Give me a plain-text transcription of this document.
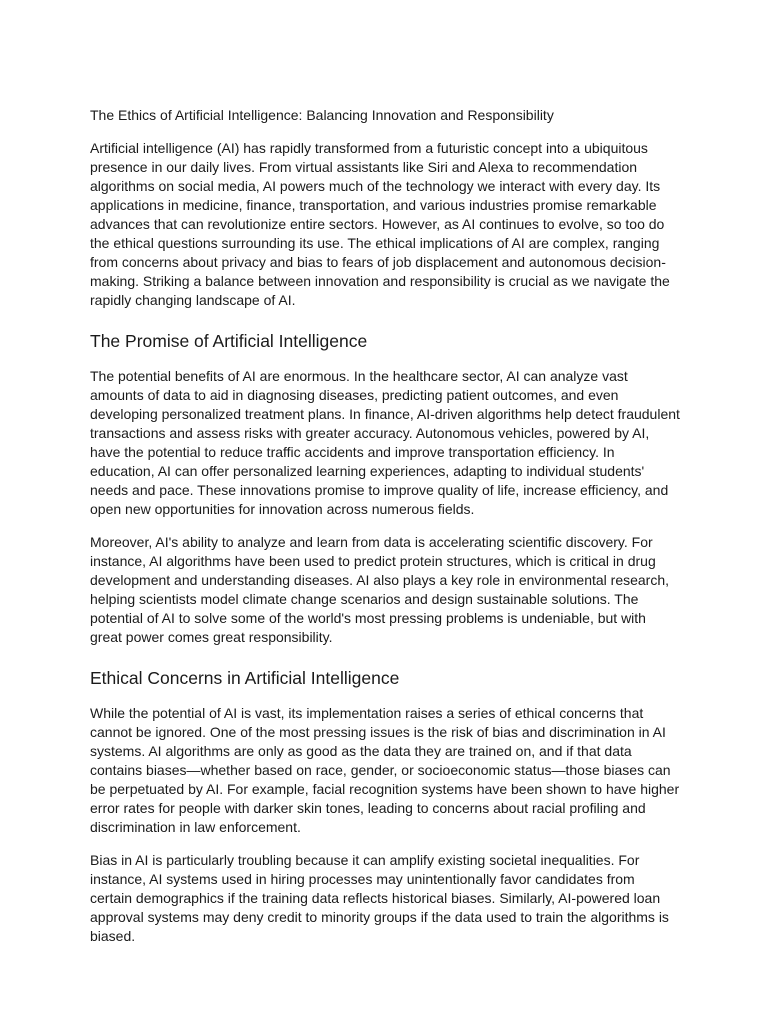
The Ethics of Artificial Intelligence: Balancing Innovation and Responsibility

Artificial intelligence (AI) has rapidly transformed from a futuristic concept into a ubiquitous presence in our daily lives. From virtual assistants like Siri and Alexa to recommendation algorithms on social media, AI powers much of the technology we interact with every day. Its applications in medicine, finance, transportation, and various industries promise remarkable advances that can revolutionize entire sectors. However, as AI continues to evolve, so too do the ethical questions surrounding its use. The ethical implications of AI are complex, ranging from concerns about privacy and bias to fears of job displacement and autonomous decision-making. Striking a balance between innovation and responsibility is crucial as we navigate the rapidly changing landscape of AI.

The Promise of Artificial Intelligence

The potential benefits of AI are enormous. In the healthcare sector, AI can analyze vast amounts of data to aid in diagnosing diseases, predicting patient outcomes, and even developing personalized treatment plans. In finance, AI-driven algorithms help detect fraudulent transactions and assess risks with greater accuracy. Autonomous vehicles, powered by AI, have the potential to reduce traffic accidents and improve transportation efficiency. In education, AI can offer personalized learning experiences, adapting to individual students' needs and pace. These innovations promise to improve quality of life, increase efficiency, and open new opportunities for innovation across numerous fields.

Moreover, AI's ability to analyze and learn from data is accelerating scientific discovery. For instance, AI algorithms have been used to predict protein structures, which is critical in drug development and understanding diseases. AI also plays a key role in environmental research, helping scientists model climate change scenarios and design sustainable solutions. The potential of AI to solve some of the world's most pressing problems is undeniable, but with great power comes great responsibility.

Ethical Concerns in Artificial Intelligence

While the potential of AI is vast, its implementation raises a series of ethical concerns that cannot be ignored. One of the most pressing issues is the risk of bias and discrimination in AI systems. AI algorithms are only as good as the data they are trained on, and if that data contains biases—whether based on race, gender, or socioeconomic status—those biases can be perpetuated by AI. For example, facial recognition systems have been shown to have higher error rates for people with darker skin tones, leading to concerns about racial profiling and discrimination in law enforcement.

Bias in AI is particularly troubling because it can amplify existing societal inequalities. For instance, AI systems used in hiring processes may unintentionally favor candidates from certain demographics if the training data reflects historical biases. Similarly, AI-powered loan approval systems may deny credit to minority groups if the data used to train the algorithms is biased.
